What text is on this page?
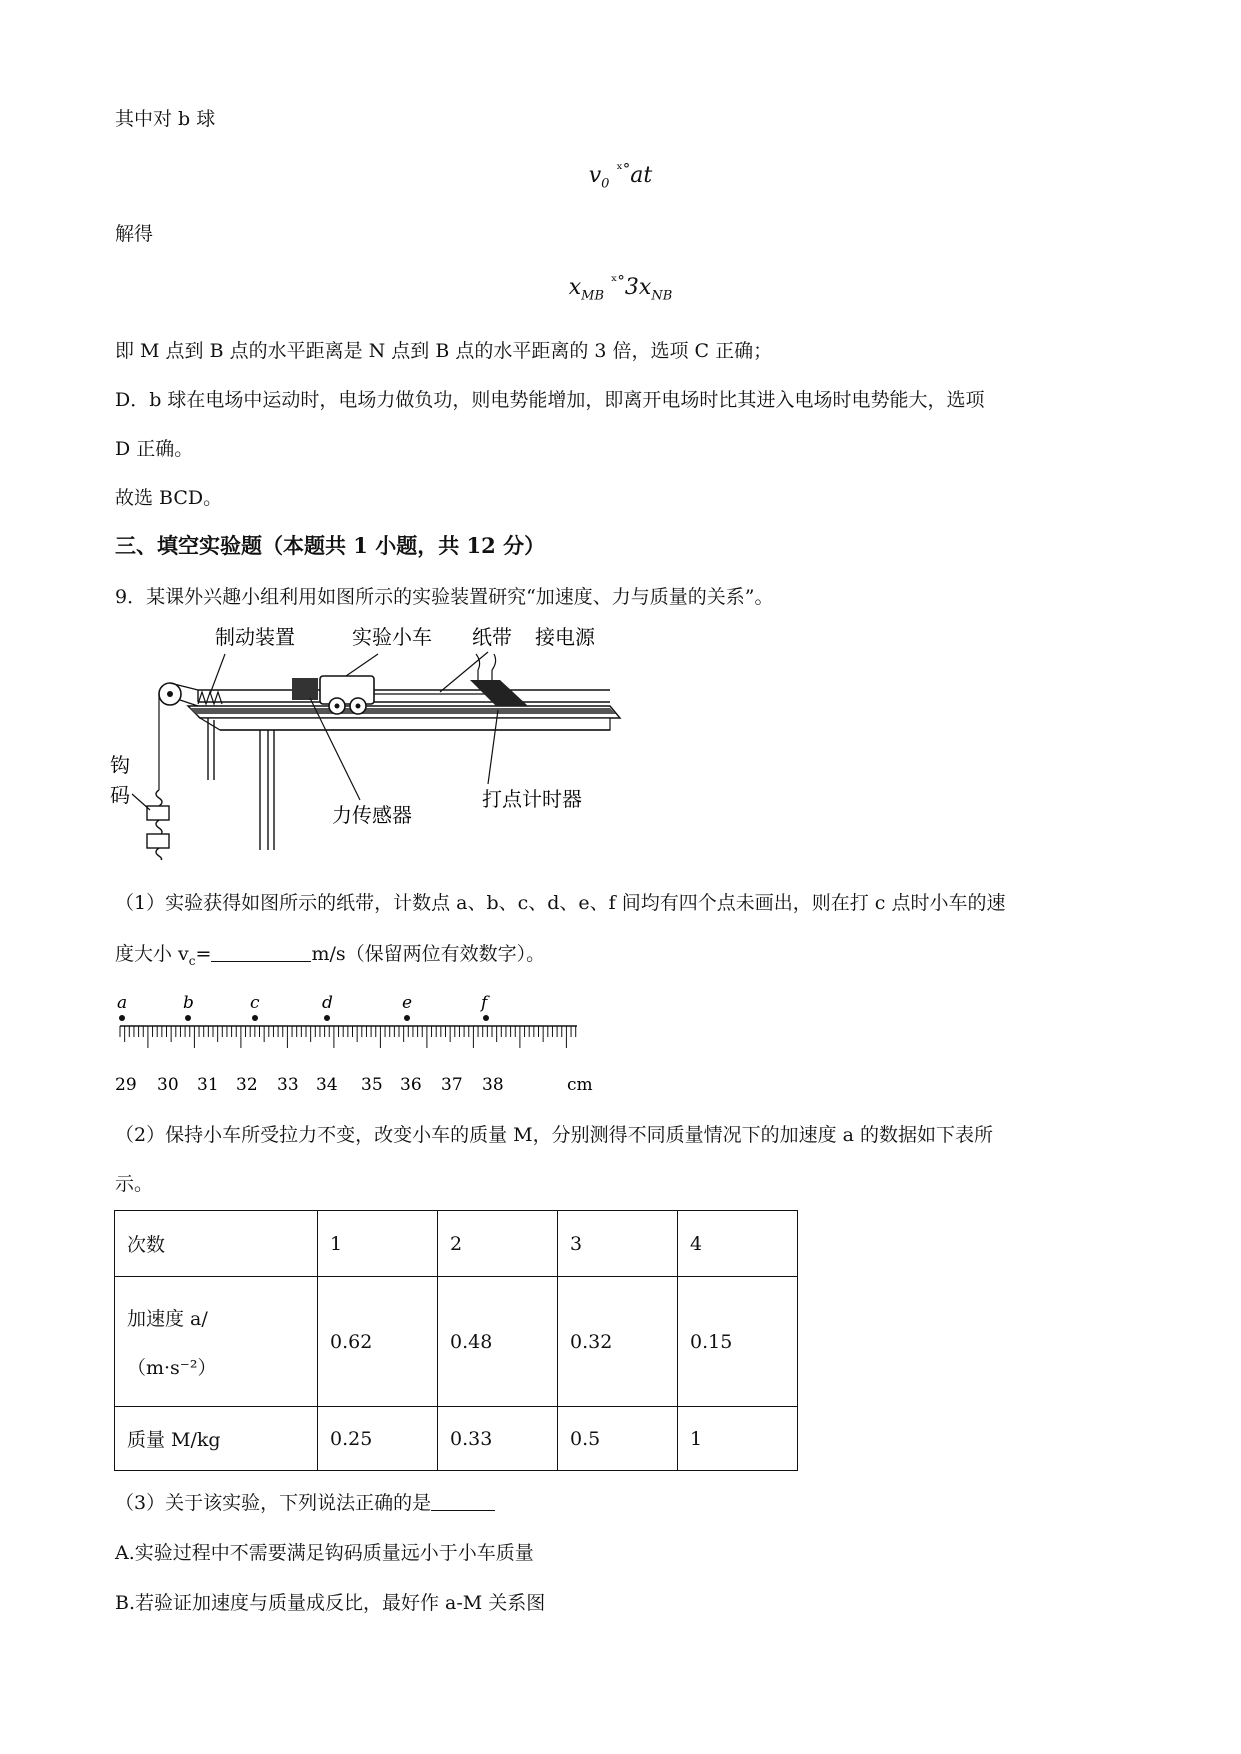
其中对 b 球
$v_0$ $^{ˣ^\circ}$at
解得
$x_{MB}$ $^{ˣ^\circ}3x_{NB}$
即 M 点到 B 点的水平距离是 N 点到 B 点的水平距离的 3 倍，选项 C 正确；
D．b 球在电场中运动时，电场力做负功，则电势能增加，即离开电场时比其进入电场时电势能大，选项
D 正确。
故选 BCD。
三、填空实验题（本题共 1 小题，共 12 分）
9．某课外兴趣小组利用如图所示的实验装置研究“加速度、力与质量的关系”。
制动装置	实验小车 纸带 接电源
钩
码
力传感器
打点计时器
（1）实验获得如图所示的纸带，计数点 a、b、c、d、e、f 间均有四个点未画出，则在打 c 点时小车的速
度大小 $v_c=$	m/s（保留两位有效数字）。
a	b	c	d	e	f
29 30 31 32 33 34 35 36 37 38	cm
（2）保持小车所受拉力不变，改变小车的质量 M，分别测得不同质量情况下的加速度 a 的数据如下表所
示。
次数	1	2	3	4

加速度 a/
（m·s⁻²）	0.62	0.48	0.32	0.15
质量 M/kg	0.25	0.33	0.5	1
（3）关于该实验，下列说法正确的是
A.实验过程中不需要满足钩码质量远小于小车质量
B.若验证加速度与质量成反比，最好作 a-M 关系图
